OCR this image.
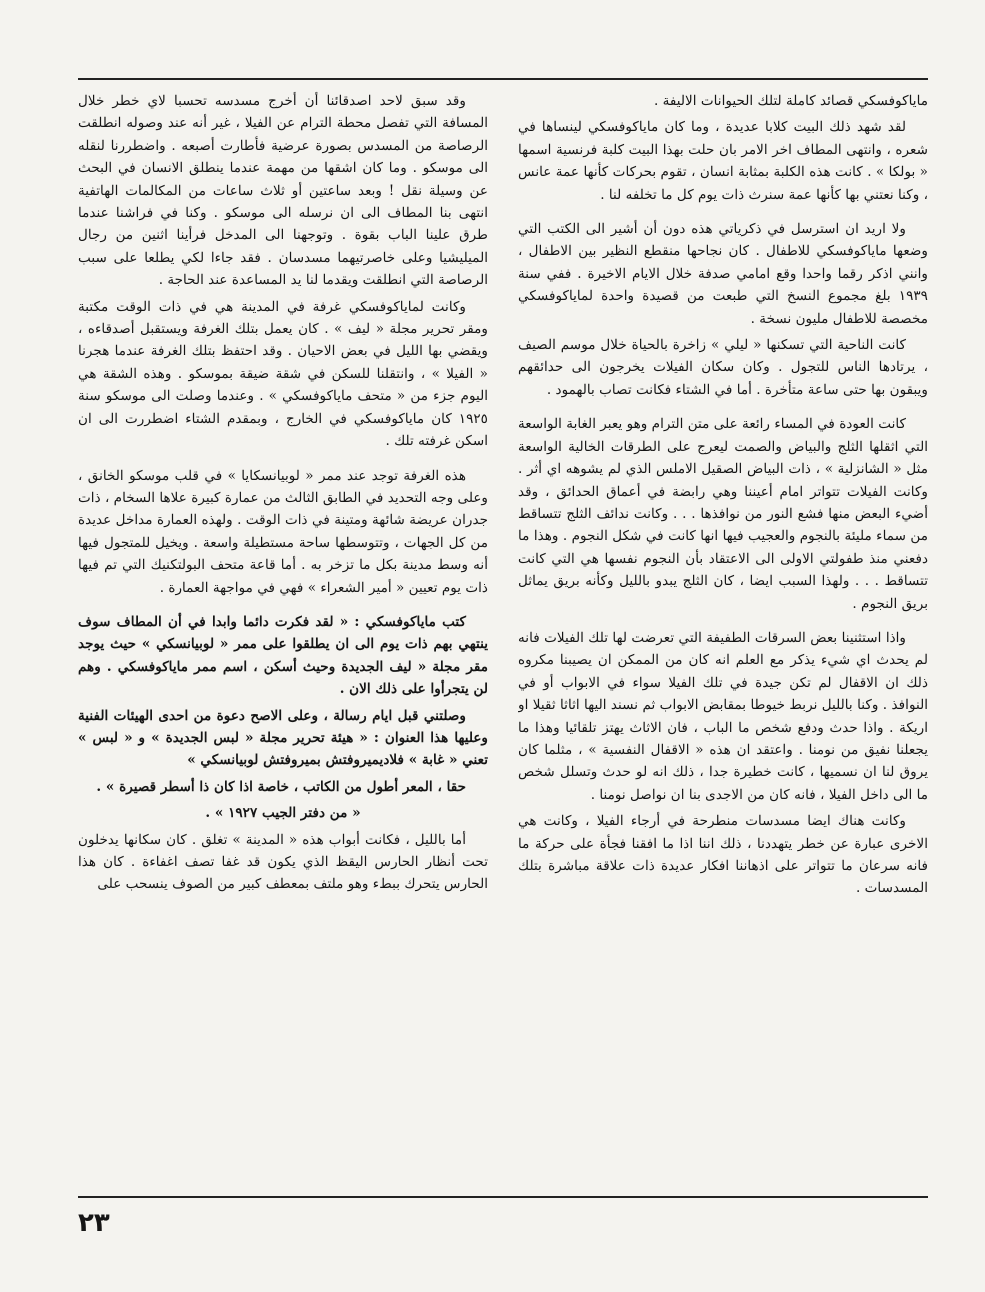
مایاکوفسكي قصائد كاملة لتلك الحيوانات الاليفة .

لقد شهد ذلك البيت كلابا عديدة ، وما كان مایاکوفسکي لينساها في شعره ، وانتهى المطاف اخر الامر بان حلت بهذا البيت كلبة فرنسية اسمها « بولكا » . كانت هذه الكلبة بمثابة انسان ، تقوم بحركات كأنها عمة عانس ، وكنا نعتني بها كأنها عمة سنرث ذات يوم كل ما تخلفه لنا .

ولا اريد ان استرسل في ذكرياتي هذه دون أن أشير الى الكتب التي وضعها مایاکوفسکي للاطفال . كان نجاحها منقطع النظير بين الاطفال ، وانني اذكر رقما واحدا وقع امامي صدفة خلال الايام الاخيرة . ففي سنة ١٩٣٩ بلغ مجموع النسخ التي طبعت من قصيدة واحدة لمایاکوفسکي مخصصة للاطفال مليون نسخة .

كانت الناحية التي تسكنها « ليلي » زاخرة بالحياة خلال موسم الصيف ، يرتادها الناس للتجول . وكان سكان الفيلات يخرجون الى حدائقهم ويبقون بها حتى ساعة متأخرة . أما في الشتاء فكانت تصاب بالهمود .

كانت العودة في المساء رائعة على متن الترام وهو يعبر الغابة الواسعة التي اثقلها الثلج والبياض والصمت ليعرج على الطرقات الخالية الواسعة مثل « الشانزلية » ، ذات البياض الصقيل الاملس الذي لم يشوهه اي أثر . وكانت الفيلات تتواتر امام أعيننا وهي رابضة في أعماق الحدائق ، وقد أضيء البعض منها فشع النور من نوافذها . . . وكانت ندائف الثلج تتساقط من سماء مليئة بالنجوم والعجيب فيها انها كانت في شكل النجوم . وهذا ما دفعني منذ طفولتي الاولى الى الاعتقاد بأن النجوم نفسها هي التي كانت تتساقط . . . ولهذا السبب ايضا ، كان الثلج يبدو بالليل وكأنه بريق يماثل بريق النجوم .

واذا استثنينا بعض السرقات الطفيفة التي تعرضت لها تلك الفيلات فانه لم يحدث اي شيء يذكر مع العلم انه كان من الممكن ان يصيبنا مكروه ذلك ان الاقفال لم تكن جيدة في تلك الفيلا سواء في الابواب أو في النوافذ . وكنا بالليل نربط خيوطا بمقابض الابواب ثم نسند اليها اثاثا ثقيلا او اريكة . واذا حدث ودفع شخص ما الباب ، فان الاثاث يهتز تلقائيا وهذا ما يجعلنا نفيق من نومنا . واعتقد ان هذه « الاقفال النفسية » ، مثلما كان يروق لنا ان نسميها ، كانت خطيرة جدا ، ذلك انه لو حدث وتسلل شخص ما الى داخل الفيلا ، فانه كان من الاجدى بنا ان نواصل نومنا .

وكانت هناك ايضا مسدسات منطرحة في أرجاء الفيلا ، وكانت هي الاخرى عبارة عن خطر يتهددنا ، ذلك اننا اذا ما افقنا فجأة على حركة ما فانه سرعان ما تتواتر على اذهاننا افكار عديدة ذات علاقة مباشرة بتلك المسدسات .

وقد سبق لاحد اصدقائنا أن أخرج مسدسه تحسبا لاي خطر خلال المسافة التي تفصل محطة الترام عن الفيلا ، غير أنه عند وصوله انطلقت الرصاصة من المسدس بصورة عرضية فأطارت أصبعه . واضطررنا لنقله الى موسكو . وما كان اشقها من مهمة عندما ينطلق الانسان في البحث عن وسيلة نقل ! وبعد ساعتين أو ثلاث ساعات من المكالمات الهاتفية انتهى بنا المطاف الى ان نرسله الى موسكو . وكنا في فراشنا عندما طرق علينا الباب بقوة . وتوجهنا الى المدخل فرأينا اثنين من رجال الميليشيا وعلى خاصرتيهما مسدسان . فقد جاءا لكي يطلعا على سبب الرصاصة التي انطلقت ويقدما لنا يد المساعدة عند الحاجة .

وكانت لمایاکوفسکي غرفة في المدينة هي في ذات الوقت مكتبة ومقر تحرير مجلة « ليف » . كان يعمل بتلك الغرفة ويستقبل أصدقاءه ، ويقضي بها الليل في بعض الاحيان . وقد احتفظ بتلك الغرفة عندما هجرنا « الفيلا » ، وانتقلنا للسكن في شقة ضيقة بموسكو . وهذه الشقة هي اليوم جزء من « متحف مایاکوفسکي » . وعندما وصلت الى موسكو سنة ١٩٢٥ كان مایاکوفسکي في الخارج ، وبمقدم الشتاء اضطررت الى ان اسكن غرفته تلك .

هذه الغرفة توجد عند ممر « لوبيانسكايا » في قلب موسكو الخانق ، وعلى وجه التحديد في الطابق الثالث من عمارة كبيرة علاها السخام ، ذات جدران عريضة شائهة ومتينة في ذات الوقت . ولهذه العمارة مداخل عديدة من كل الجهات ، وتتوسطها ساحة مستطيلة واسعة . ويخيل للمتجول فيها أنه وسط مدينة بكل ما تزخر به . أما قاعة متحف البولتكنيك التي تم فيها ذات يوم تعيين « أمير الشعراء » فهي في مواجهة العمارة .

كتب مایاکوفسکي : « لقد فكرت دائما وابدا في أن المطاف سوف ينتهي بهم ذات يوم الى ان يطلقوا على ممر « لوبيانسكي » حيث يوجد مقر مجلة « ليف الجديدة وحيث أسكن ، اسم ممر مایاکوفسکي . وهم لن يتجرأوا على ذلك الان .

وصلتني قبل ايام رسالة ، وعلى الاصح دعوة من احدى الهيئات الفنية وعليها هذا العنوان : « هيئة تحرير مجلة « لبس الجديدة » و « لبس » تعني « غابة » فلاديميروفتش بميروفتش لوبيانسكي »

حقا ، المعر أطول من الكاتب ، خاصة اذا كان ذا أسطر قصيرة » .

« من دفتر الجيب ١٩٢٧ » .

أما بالليل ، فكانت أبواب هذه « المدينة » تغلق . كان سكانها يدخلون تحت أنظار الحارس اليقظ الذي يكون قد غفا تصف اغفاءة . كان هذا الحارس يتحرك ببطء وهو ملتف بمعطف كبير من الصوف ينسحب على

٢٣
